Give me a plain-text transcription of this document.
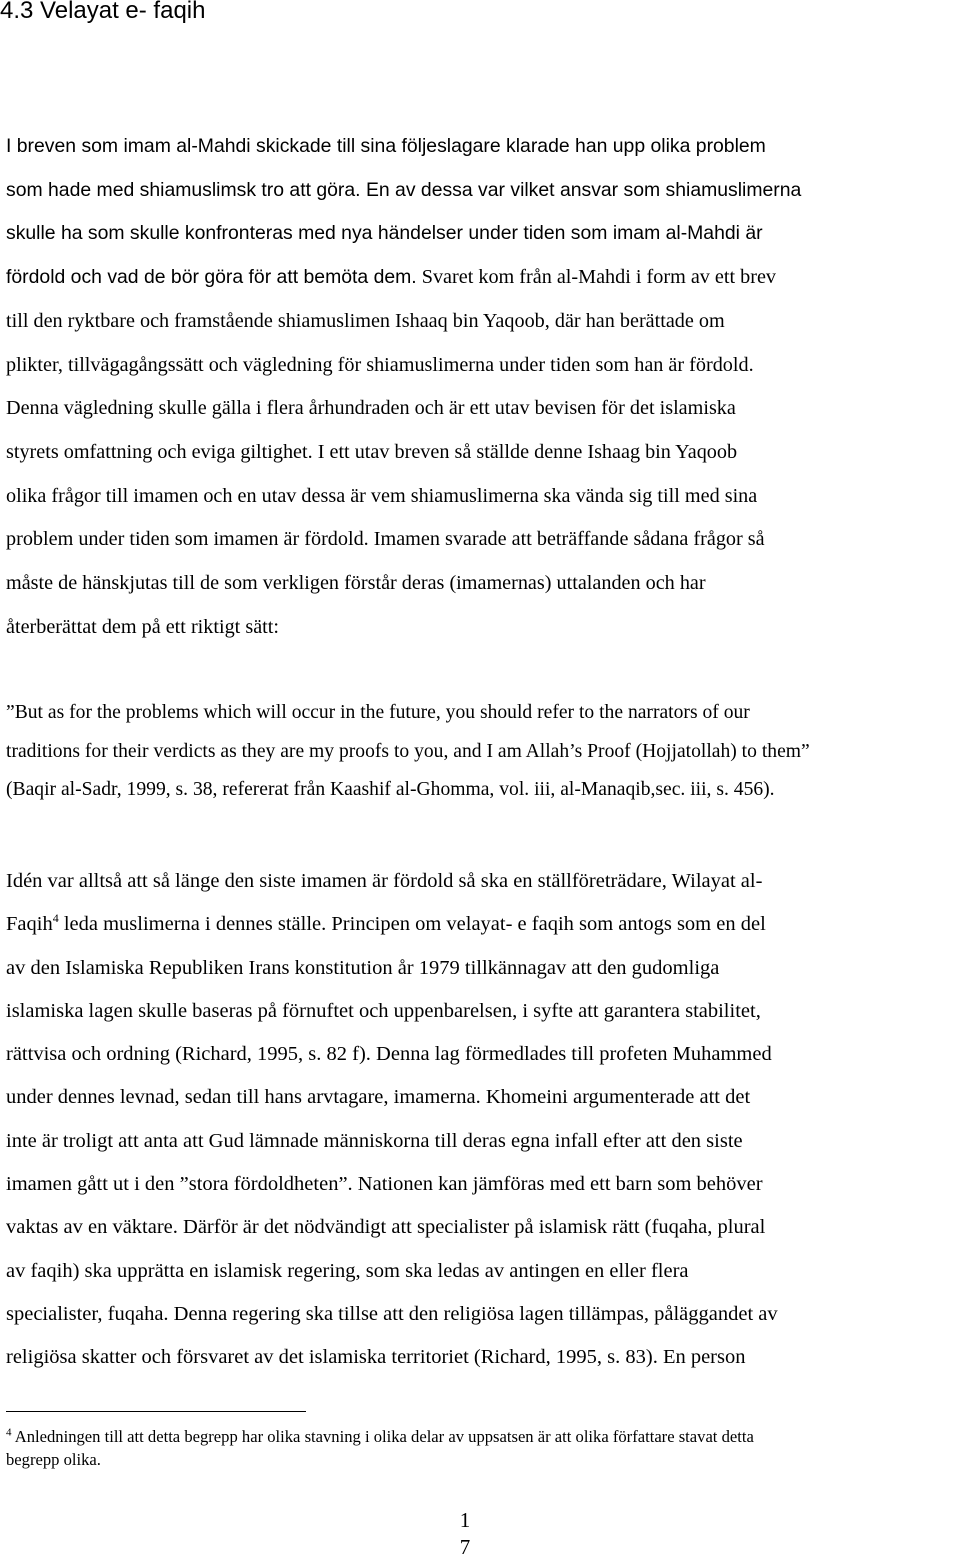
4.3 Velayat e- faqih

I breven som imam al-Mahdi skickade till sina följeslagare klarade han upp olika problem
som hade med shiamuslimsk tro att göra. En av dessa var vilket ansvar som shiamuslimerna
skulle ha som skulle konfronteras med nya händelser under tiden som imam al-Mahdi är
fördold och vad de bör göra för att bemöta dem. Svaret kom från al-Mahdi i form av ett brev
till den ryktbare och framstående shiamuslimen Ishaaq bin Yaqoob, där han berättade om
plikter, tillvägagångssätt och vägledning för shiamuslimerna under tiden som han är fördold.
Denna vägledning skulle gälla i flera århundraden och är ett utav bevisen för det islamiska
styrets omfattning och eviga giltighet. I ett utav breven så ställde denne Ishaag bin Yaqoob
olika frågor till imamen och en utav dessa är vem shiamuslimerna ska vända sig till med sina
problem under tiden som imamen är fördold. Imamen svarade att beträffande sådana frågor så
måste de hänskjutas till de som verkligen förstår deras (imamernas) uttalanden och har
återberättat dem på ett riktigt sätt:

”But as for the problems which will occur in the future, you should refer to the narrators of our
traditions for their verdicts as they are my proofs to you, and I am Allah’s Proof (Hojjatollah) to them”
(Baqir al-Sadr, 1999, s. 38, refererat från Kaashif al-Ghomma, vol. iii, al-Manaqib,sec. iii, s. 456).

Idén var alltså att så länge den siste imamen är fördold så ska en ställföreträdare, Wilayat al-
Faqih$^4$ leda muslimerna i dennes ställe. Principen om velayat- e faqih som antogs som en del
av den Islamiska Republiken Irans konstitution år 1979 tillkännagav att den gudomliga
islamiska lagen skulle baseras på förnuftet och uppenbarelsen, i syfte att garantera stabilitet,
rättvisa och ordning (Richard, 1995, s. 82 f). Denna lag förmedlades till profeten Muhammed
under dennes levnad, sedan till hans arvtagare, imamerna. Khomeini argumenterade att det
inte är troligt att anta att Gud lämnade människorna till deras egna infall efter att den siste
imamen gått ut i den ”stora fördoldheten”. Nationen kan jämföras med ett barn som behöver
vaktas av en väktare. Därför är det nödvändigt att specialister på islamisk rätt (fuqaha, plural
av faqih) ska upprätta en islamisk regering, som ska ledas av antingen en eller flera
specialister, fuqaha. Denna regering ska tillse att den religiösa lagen tillämpas, påläggandet av
religiösa skatter och försvaret av det islamiska territoriet (Richard, 1995, s. 83). En person

$^4$ Anledningen till att detta begrepp har olika stavning i olika delar av uppsatsen är att olika författare stavat detta
begrepp olika.

1
7
